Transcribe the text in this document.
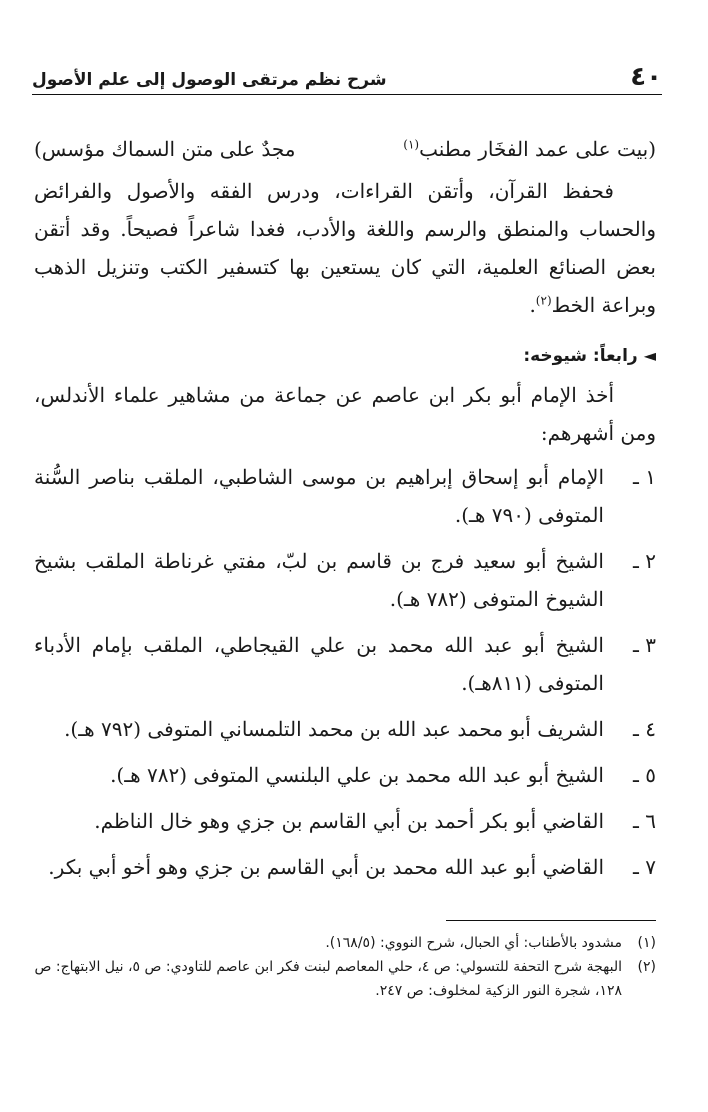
٤٠
شرح نظم مرتقى الوصول إلى علم الأصول
(بيت على عمد الفخَار مطنب$^{(١)}$
مجدٌ على متن السماك مؤسس)

فحفظ القرآن، وأتقن القراءات، ودرس الفقه والأصول والفرائض والحساب والمنطق والرسم واللغة والأدب، فغدا شاعراً فصيحاً. وقد أتقن بعض الصنائع العلمية، التي كان يستعين بها كتسفير الكتب وتنزيل الذهب وبراعة الخط$^{(٢)}$.

◄رابعاً: شيوخه:

أخذ الإمام أبو بكر ابن عاصم عن جماعة من مشاهير علماء الأندلس، ومن أشهرهم:

١ ـ
الإمام أبو إسحاق إبراهيم بن موسى الشاطبي، الملقب بناصر السُّنة المتوفى (٧٩٠ هـ).
٢ ـ
الشيخ أبو سعيد فرج بن قاسم بن لبّ، مفتي غرناطة الملقب بشيخ الشيوخ المتوفى (٧٨٢ هـ).
٣ ـ
الشيخ أبو عبد الله محمد بن علي القيجاطي، الملقب بإمام الأدباء المتوفى (٨١١هـ).
٤ ـ
الشريف أبو محمد عبد الله بن محمد التلمساني المتوفى (٧٩٢ هـ).
٥ ـ
الشيخ أبو عبد الله محمد بن علي البلنسي المتوفى (٧٨٢ هـ).
٦ ـ
القاضي أبو بكر أحمد بن أبي القاسم بن جزي وهو خال الناظم.
٧ ـ
القاضي أبو عبد الله محمد بن أبي القاسم بن جزي وهو أخو أبي بكر.
(١)
مشدود بالأطناب: أي الحبال، شرح النووي: (١٦٨/٥).
(٢)
البهجة شرح التحفة للتسولي: ص ٤، حلي المعاصم لبنت فكر ابن عاصم للتاودي: ص ٥، نيل الابتهاج: ص ١٢٨، شجرة النور الزكية لمخلوف: ص ٢٤٧.
